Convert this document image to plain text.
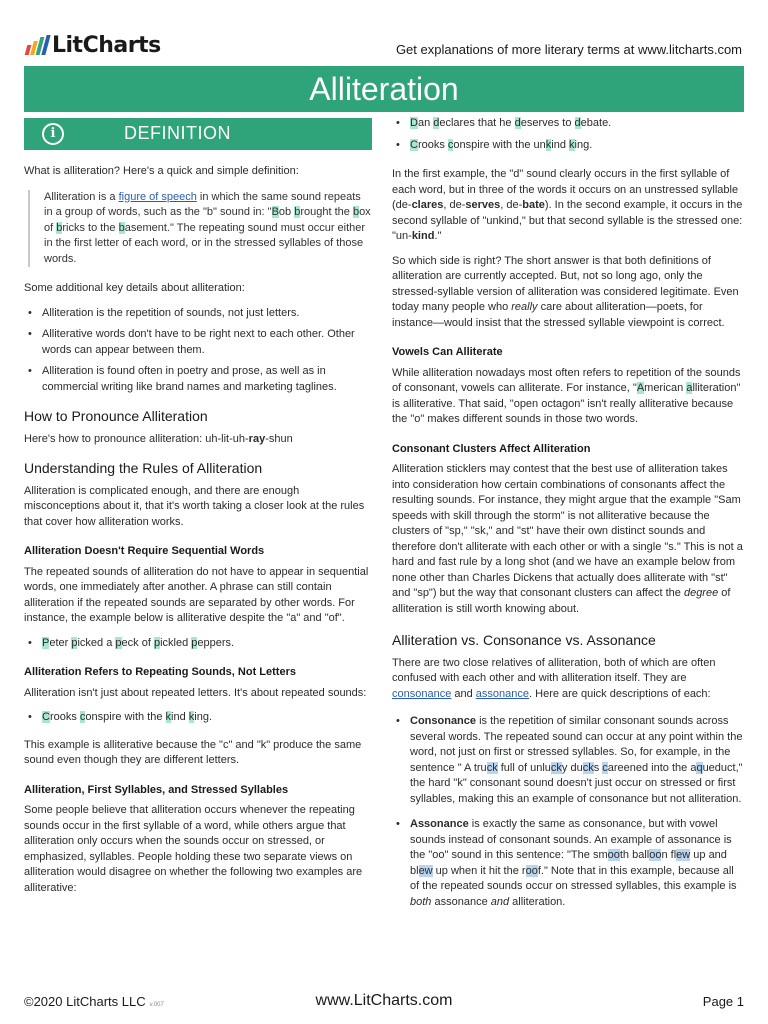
LitCharts	Get explanations of more literary terms at www.litcharts.com
Alliteration
i	DEFINITION

What is alliteration? Here's a quick and simple definition:

Alliteration is a figure of speech in which the same sound repeats in a group of words, such as the "b" sound in: "Bob brought the box of bricks to the basement." The repeating sound must occur either in the first letter of each word, or in the stressed syllables of those words.

Some additional key details about alliteration:

• Alliteration is the repetition of sounds, not just letters.
• Alliterative words don't have to be right next to each other. Other words can appear between them.
• Alliteration is found often in poetry and prose, as well as in commercial writing like brand names and marketing taglines.
How to Pronounce Alliteration

Here's how to pronounce alliteration: uh-lit-uh-ray-shun

Understanding the Rules of Alliteration

Alliteration is complicated enough, and there are enough misconceptions about it, that it's worth taking a closer look at the rules that cover how alliteration works.

Alliteration Doesn't Require Sequential Words

The repeated sounds of alliteration do not have to appear in sequential words, one immediately after another. A phrase can still contain alliteration if the repeated sounds are separated by other words. For instance, the example below is alliterative despite the "a" and "of".

• Peter picked a peck of pickled peppers.
Alliteration Refers to Repeating Sounds, Not Letters

Alliteration isn't just about repeated letters. It's about repeated sounds:

• Crooks conspire with the kind king.

This example is alliterative because the "c" and "k" produce the same sound even though they are different letters.

Alliteration, First Syllables, and Stressed Syllables

Some people believe that alliteration occurs whenever the repeating sounds occur in the first syllable of a word, while others argue that alliteration only occurs when the sounds occur on stressed, or emphasized, syllables. People holding these two separate views on alliteration would disagree on whether the following two examples are alliterative:

• Dan declares that he deserves to debate.
• Crooks conspire with the unkind king.

In the first example, the "d" sound clearly occurs in the first syllable of each word, but in three of the words it occurs on an unstressed syllable (de-clares, de-serves, de-bate). In the second example, it occurs in the second syllable of "unkind," but that second syllable is the stressed one: "un-kind."

So which side is right? The short answer is that both definitions of alliteration are currently accepted. But, not so long ago, only the stressed-syllable version of alliteration was considered legitimate. Even today many people who really care about alliteration—poets, for instance—would insist that the stressed syllable viewpoint is correct.

Vowels Can Alliterate

While alliteration nowadays most often refers to repetition of the sounds of consonant, vowels can alliterate. For instance, "American alliteration" is alliterative. That said, "open octagon" isn't really alliterative because the "o" makes different sounds in those two words.

Consonant Clusters Affect Alliteration

Alliteration sticklers may contest that the best use of alliteration takes into consideration how certain combinations of consonants affect the resulting sounds. For instance, they might argue that the example "Sam speeds with skill through the storm" is not alliterative because the clusters of "sp," "sk," and "st" have their own distinct sounds and therefore don't alliterate with each other or with a single "s." This is not a hard and fast rule by a long shot (and we have an example below from none other than Charles Dickens that actually does alliterate with "st" and "sp") but the way that consonant clusters can affect the degree of alliteration is still worth knowing about.

Alliteration vs. Consonance vs. Assonance

There are two close relatives of alliteration, both of which are often confused with each other and with alliteration itself. They are consonance and assonance. Here are quick descriptions of each:

• Consonance is the repetition of similar consonant sounds across several words. The repeated sound can occur at any point within the word, not just on first or stressed syllables. So, for example, in the sentence " A truck full of unlucky ducks careened into the aqueduct," the hard "k" consonant sound doesn't just occur on stressed or first syllables, making this an example of consonance but not alliteration.
• Assonance is exactly the same as consonance, but with vowel sounds instead of consonant sounds. An example of assonance is the "oo" sound in this sentence: "The smooth balloon flew up and blew up when it hit the roof." Note that in this example, because all of the repeated sounds occur on stressed syllables, this example is both assonance and alliteration.
©2020 LitCharts LLC v.007	www.LitCharts.com	Page 1
